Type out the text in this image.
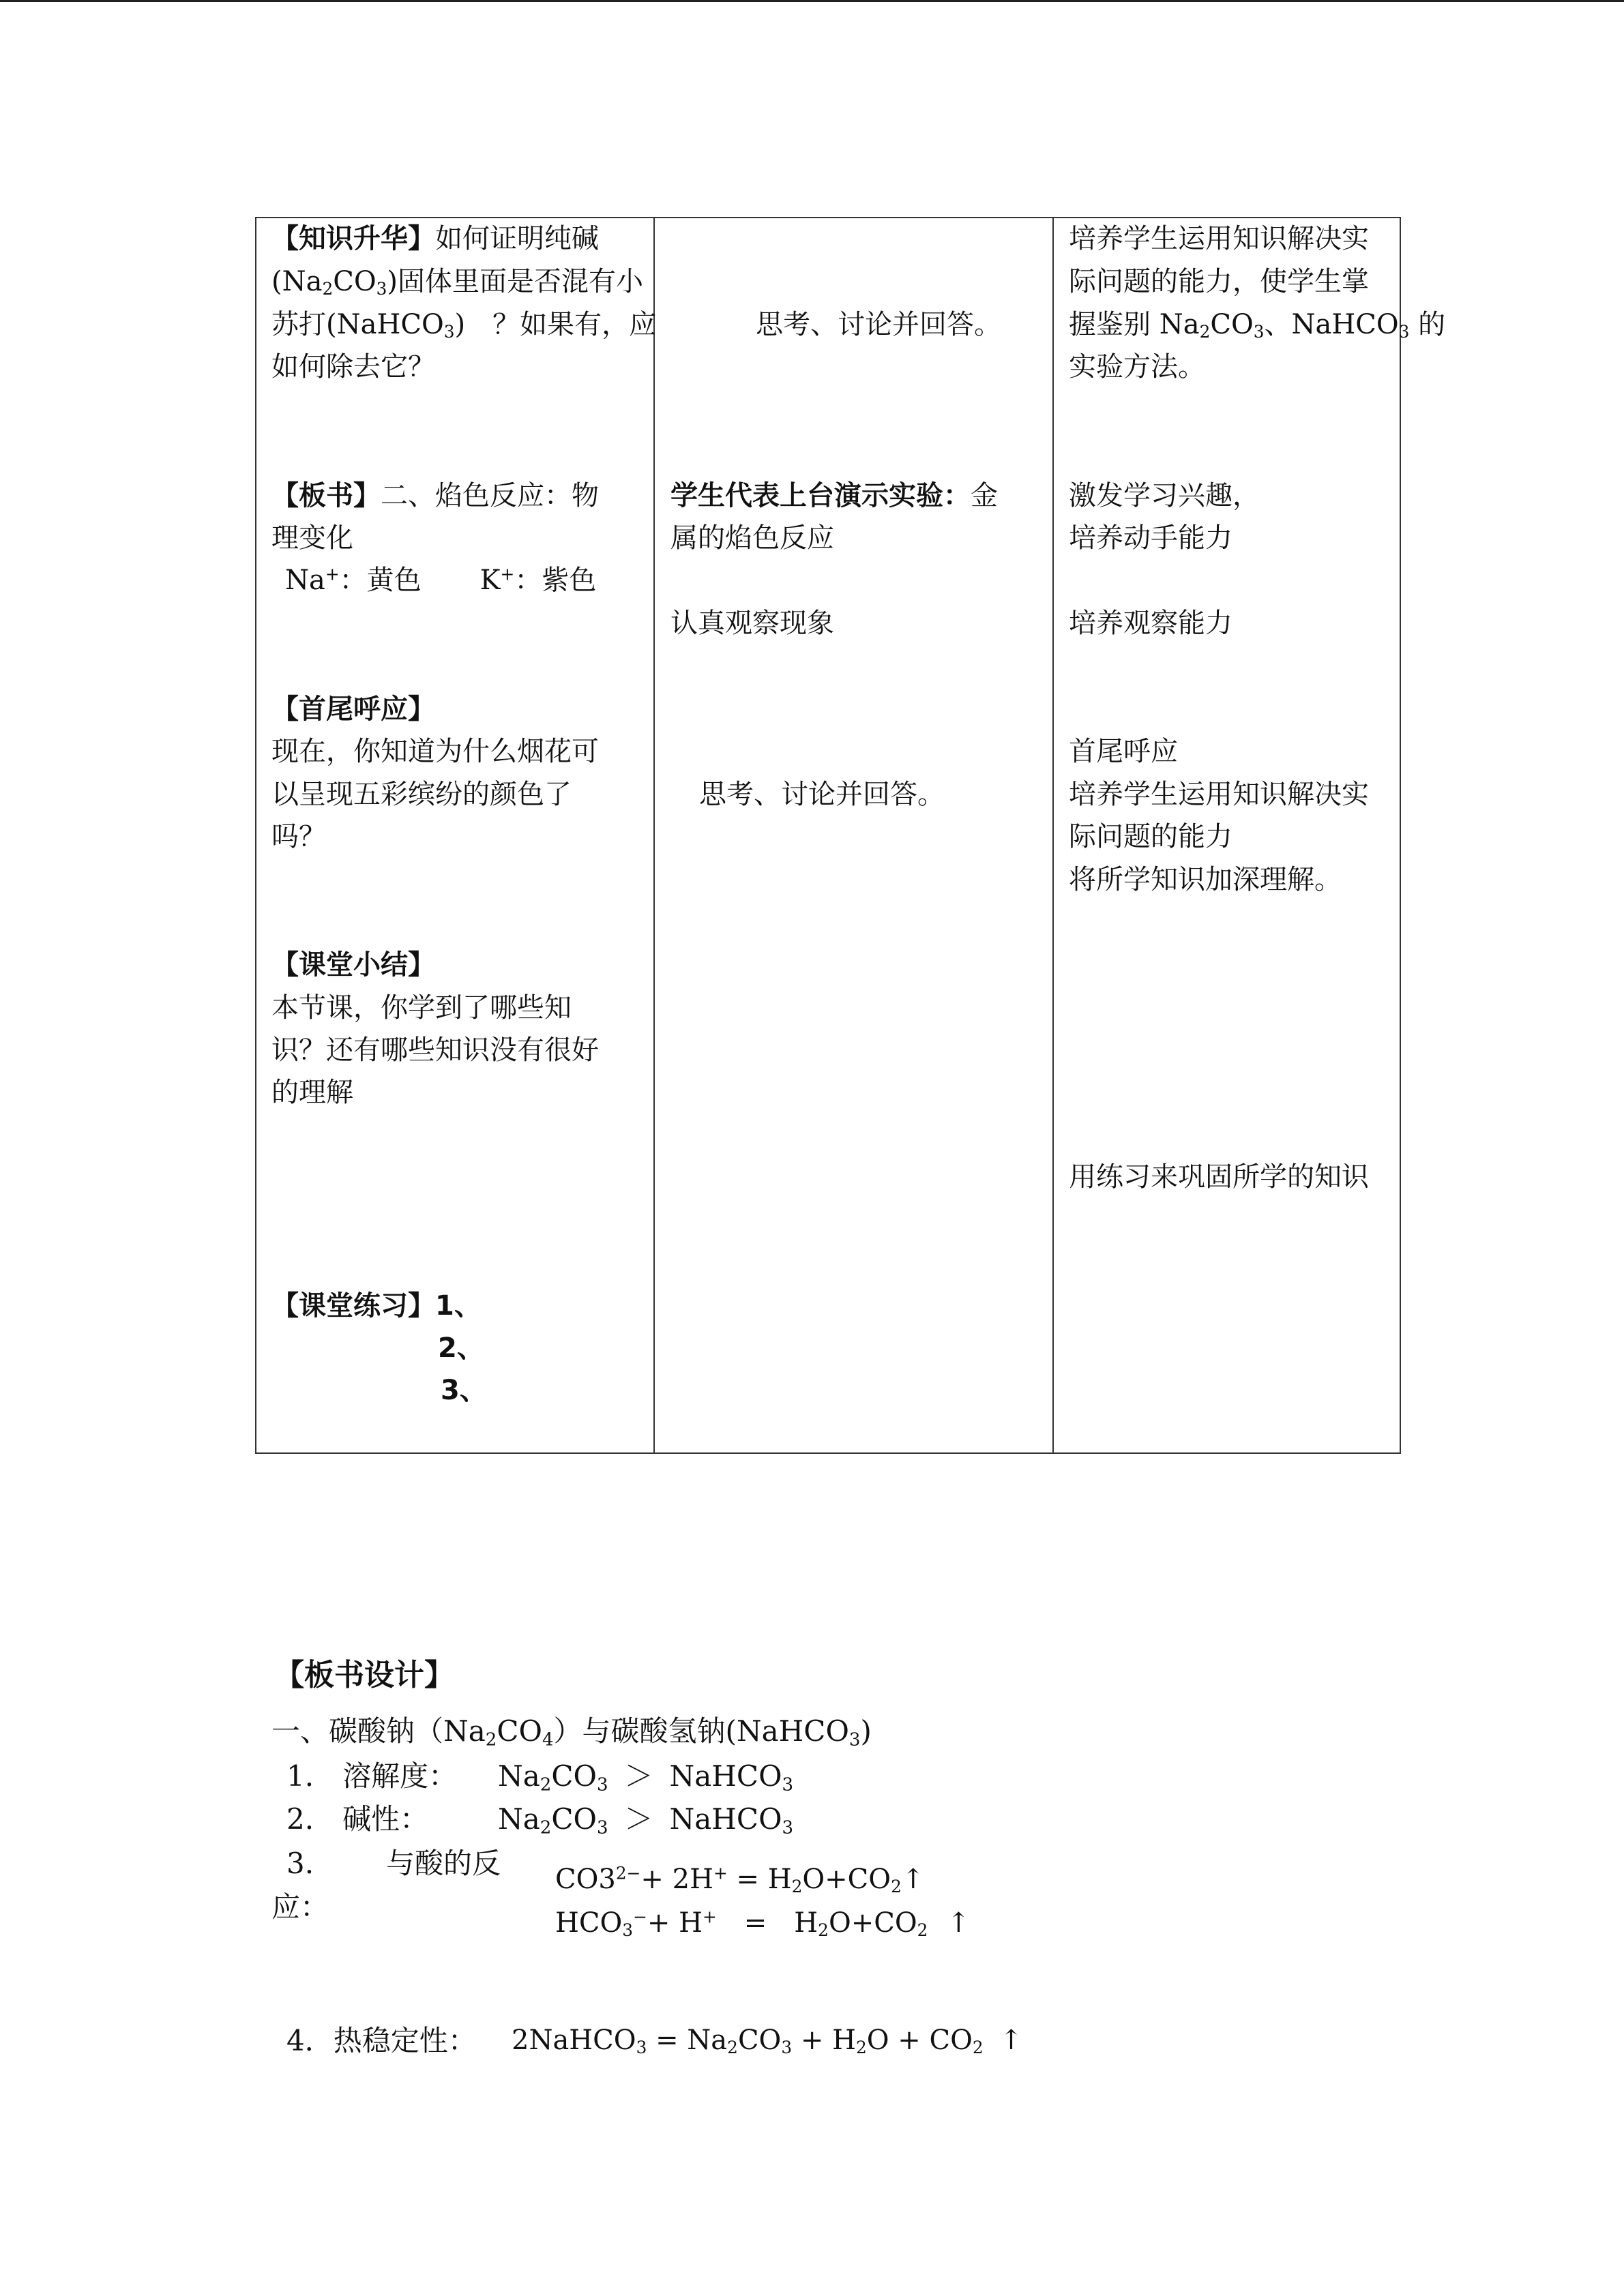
【知识升华】如何证明纯碱
$(Na_2CO_3)$固体里面是否混有小
苏打(NaHCO$_3$)　？如果有，应
如何除去它？
【板书】二、焰色反应：物
理变化
Na+：黄色 K+：紫色
【首尾呼应】
现在，你知道为什么烟花可
以呈现五彩缤纷的颜色了
吗？
【课堂小结】
本节课，你学到了哪些知
识？还有哪些知识没有很好
的理解
【课堂练习】1、
2、
3、
思考、讨论并回答。
学生代表上台演示实验：金
属的焰色反应
认真观察现象
思考、讨论并回答。
培养学生运用知识解决实
际问题的能力，使学生掌
握鉴别 $Na_2CO_3$、NaHCO$_3$ 的
实验方法。
激发学习兴趣，
培养动手能力
培养观察能力
首尾呼应
培养学生运用知识解决实
际问题的能力
将所学知识加深理解。
用练习来巩固所学的知识
【板书设计】
一、碳酸钠$(Na_2CO_4)$与碳酸氢钠(NaHCO$_3$)
1.　溶解度： $Na_2CO_3$ ＞ NaHCO$_3$
2.　碱性： $Na_2CO_3$ ＞ NaHCO$_3$
3.	与酸的反
应：
$CO3^{2-}+ 2H^+$ = $H_2O+CO_2↑$
$HCO_3^-+ H^+$　=　$H_2O+CO_2$ ↑
4．热稳定性： 2NaHCO$_3$ = $Na_2CO_3 + H_2O + CO_2$ ↑
